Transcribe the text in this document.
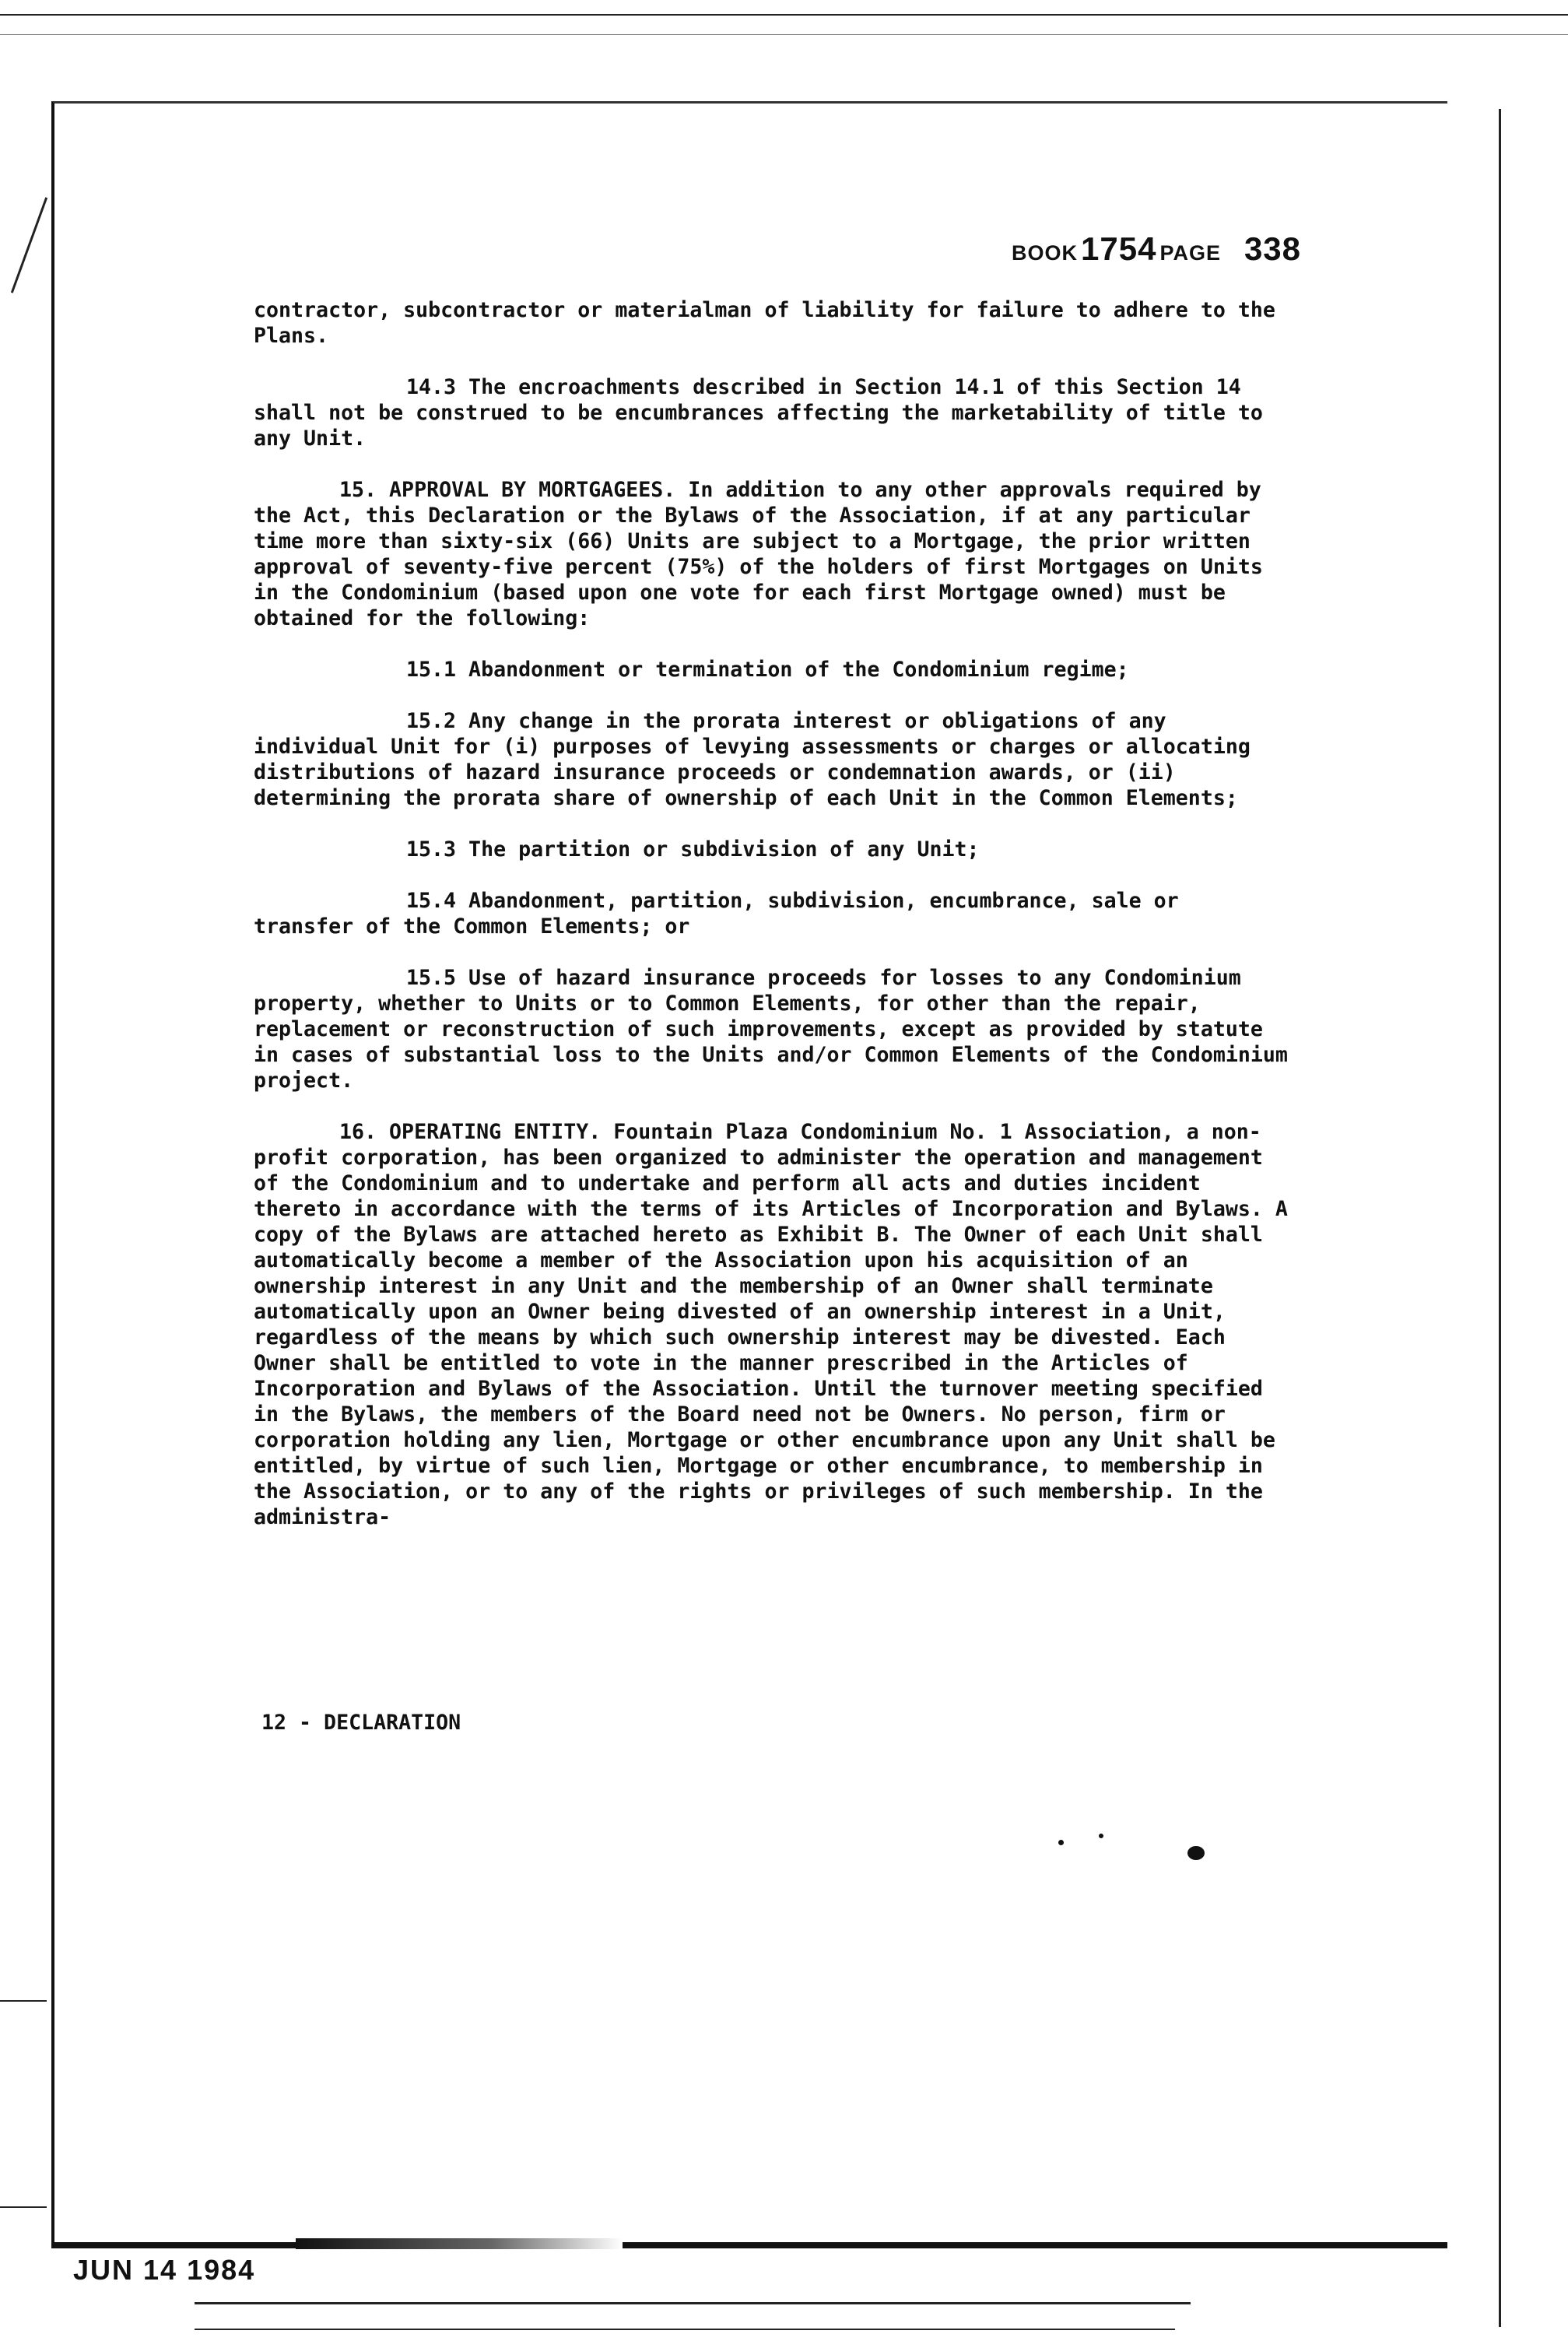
BOOK1754 PAGE 338

contractor, subcontractor or materialman of liability for failure to adhere to the Plans.

14.3 The encroachments described in Section 14.1 of this Section 14 shall not be construed to be encumbrances affecting the marketability of title to any Unit.

15. APPROVAL BY MORTGAGEES. In addition to any other approvals required by the Act, this Declaration or the Bylaws of the Association, if at any particular time more than sixty-six (66) Units are subject to a Mortgage, the prior written approval of seventy-five percent (75%) of the holders of first Mortgages on Units in the Condominium (based upon one vote for each first Mortgage owned) must be obtained for the following:

15.1 Abandonment or termination of the Condominium regime;

15.2 Any change in the prorata interest or obligations of any individual Unit for (i) purposes of levying assessments or charges or allocating distributions of hazard insurance proceeds or condemnation awards, or (ii) determining the prorata share of ownership of each Unit in the Common Elements;

15.3 The partition or subdivision of any Unit;

15.4 Abandonment, partition, subdivision, encumbrance, sale or transfer of the Common Elements; or

15.5 Use of hazard insurance proceeds for losses to any Condominium property, whether to Units or to Common Elements, for other than the repair, replacement or reconstruction of such improvements, except as provided by statute in cases of substantial loss to the Units and/or Common Elements of the Condominium project.

16. OPERATING ENTITY. Fountain Plaza Condominium No. 1 Association, a non-profit corporation, has been organized to administer the operation and management of the Condominium and to undertake and perform all acts and duties incident thereto in accordance with the terms of its Articles of Incorporation and Bylaws. A copy of the Bylaws are attached hereto as Exhibit B. The Owner of each Unit shall automatically become a member of the Association upon his acquisition of an ownership interest in any Unit and the membership of an Owner shall terminate automatically upon an Owner being divested of an ownership interest in a Unit, regardless of the means by which such ownership interest may be divested. Each Owner shall be entitled to vote in the manner prescribed in the Articles of Incorporation and Bylaws of the Association. Until the turnover meeting specified in the Bylaws, the members of the Board need not be Owners. No person, firm or corporation holding any lien, Mortgage or other encumbrance upon any Unit shall be entitled, by virtue of such lien, Mortgage or other encumbrance, to membership in the Association, or to any of the rights or privileges of such membership. In the administra-

12 - DECLARATION
JUN 14 1984
